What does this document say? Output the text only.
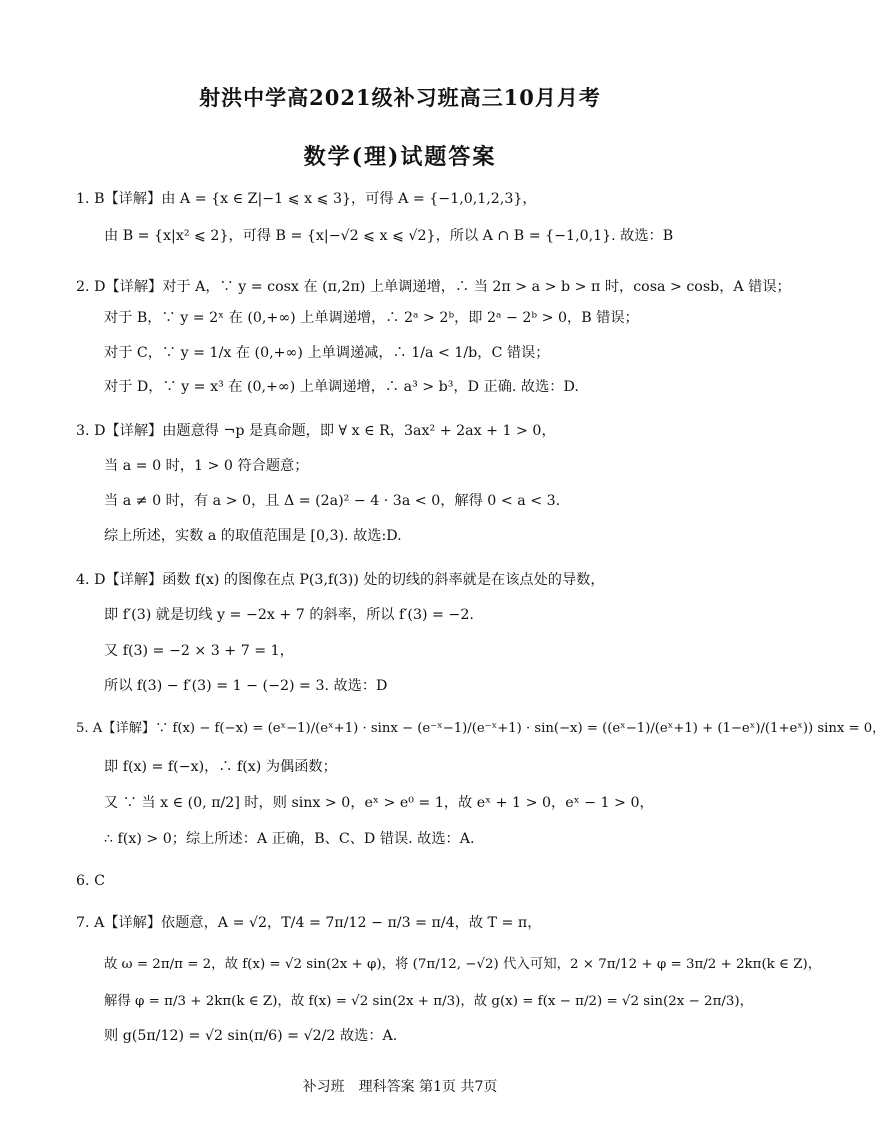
射洪中学高2021级补习班高三10月月考
数学(理)试题答案
1. B【详解】由 A = {x ∈ Z|−1 ⩽ x ⩽ 3}，可得 A = {−1,0,1,2,3}，
由 B = {x|x² ⩽ 2}，可得 B = {x|−√2 ⩽ x ⩽ √2}，所以 A ∩ B = {−1,0,1}. 故选：B
2. D【详解】对于 A，∵ y = cosx 在 (π,2π) 上单调递增，∴ 当 2π > a > b > π 时，cosa > cosb，A 错误；
对于 B，∵ y = 2ˣ 在 (0,+∞) 上单调递增，∴ 2ᵃ > 2ᵇ，即 2ᵃ − 2ᵇ > 0，B 错误；
对于 C，∵ y = 1/x 在 (0,+∞) 上单调递减，∴ 1/a < 1/b，C 错误；
对于 D，∵ y = x³ 在 (0,+∞) 上单调递增，∴ a³ > b³，D 正确. 故选：D.
3. D【详解】由题意得 ¬p 是真命题，即 ∀ x ∈ R，3ax² + 2ax + 1 > 0，
当 a = 0 时，1 > 0 符合题意；
当 a ≠ 0 时，有 a > 0，且 Δ = (2a)² − 4 · 3a < 0，解得 0 < a < 3.
综上所述，实数 a 的取值范围是 [0,3). 故选:D.
4. D【详解】函数 f(x) 的图像在点 P(3,f(3)) 处的切线的斜率就是在该点处的导数，
即 f′(3) 就是切线 y = −2x + 7 的斜率，所以 f′(3) = −2.
又 f(3) = −2 × 3 + 7 = 1，
所以 f(3) − f′(3) = 1 − (−2) = 3. 故选：D
5. A【详解】∵ f(x) − f(−x) = (eˣ−1)/(eˣ+1) · sinx − (e⁻ˣ−1)/(e⁻ˣ+1) · sin(−x) = ((eˣ−1)/(eˣ+1) + (1−eˣ)/(1+eˣ)) sinx = 0，
即 f(x) = f(−x)，∴ f(x) 为偶函数；
又 ∵ 当 x ∈ (0, π/2] 时，则 sinx > 0，eˣ > e⁰ = 1，故 eˣ + 1 > 0，eˣ − 1 > 0，
∴ f(x) > 0；综上所述：A 正确，B、C、D 错误. 故选：A.
6. C
7. A【详解】依题意，A = √2，T/4 = 7π/12 − π/3 = π/4，故 T = π，
故 ω = 2π/π = 2，故 f(x) = √2 sin(2x + φ)，将 (7π/12, −√2) 代入可知，2 × 7π/12 + φ = 3π/2 + 2kπ(k ∈ Z)，
解得 φ = π/3 + 2kπ(k ∈ Z)，故 f(x) = √2 sin(2x + π/3)，故 g(x) = f(x − π/2) = √2 sin(2x − 2π/3)，
则 g(5π/12) = √2 sin(π/6) = √2/2 故选：A.
补习班　理科答案 第1页 共7页
